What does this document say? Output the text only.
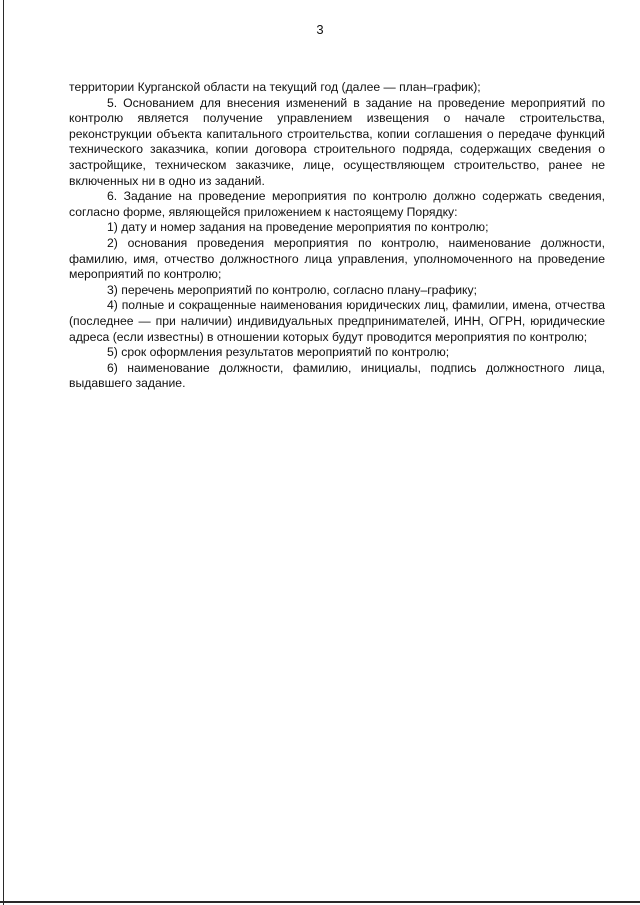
3

территории Курганской области на текущий год (далее — план–график);

5. Основанием для внесения изменений в задание на проведение мероприятий по контролю является получение управлением извещения о начале строительства, реконструкции объекта капитального строительства, копии соглашения о передаче функций технического заказчика, копии договора строительного подряда, содержащих сведения о застройщике, техническом заказчике, лице, осуществляющем строительство, ранее не включенных ни в одно из заданий.

6. Задание на проведение мероприятия по контролю должно содержать сведения, согласно форме, являющейся приложением к настоящему Порядку:

1) дату и номер задания на проведение мероприятия по контролю;

2) основания проведения мероприятия по контролю, наименование должности, фамилию, имя, отчество должностного лица управления, уполномоченного на проведение мероприятий по контролю;

3) перечень мероприятий по контролю, согласно плану–графику;

4) полные и сокращенные наименования юридических лиц, фамилии, имена, отчества (последнее — при наличии) индивидуальных предпринимателей, ИНН, ОГРН, юридические адреса (если известны) в отношении которых будут проводится мероприятия по контролю;

5) срок оформления результатов мероприятий по контролю;

6) наименование должности, фамилию, инициалы, подпись должностного лица, выдавшего задание.
